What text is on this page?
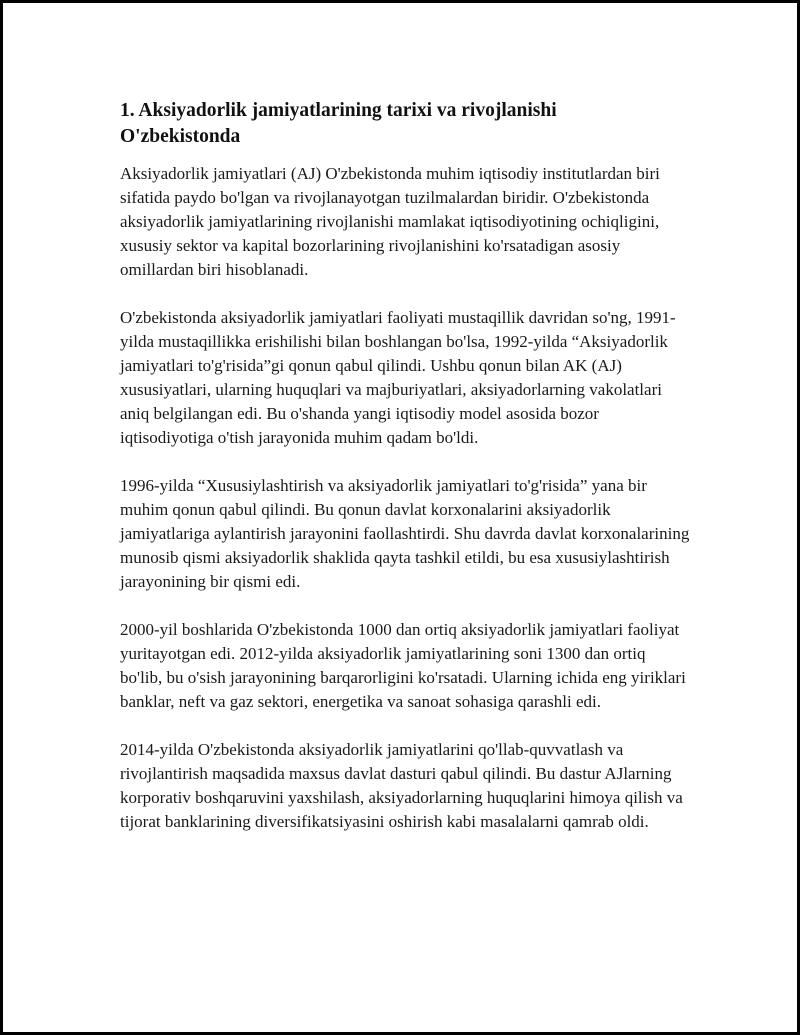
1. Aksiyadorlik jamiyatlarining tarixi va rivojlanishi
O'zbekistonda

Aksiyadorlik jamiyatlari (AJ) O'zbekistonda muhim iqtisodiy institutlardan biri sifatida paydo bo'lgan va rivojlanayotgan tuzilmalardan biridir. O'zbekistonda aksiyadorlik jamiyatlarining rivojlanishi mamlakat iqtisodiyotining ochiqligini, xususiy sektor va kapital bozorlarining rivojlanishini ko'rsatadigan asosiy omillardan biri hisoblanadi.

O'zbekistonda aksiyadorlik jamiyatlari faoliyati mustaqillik davridan so'ng, 1991-yilda mustaqillikka erishilishi bilan boshlangan bo'lsa, 1992-yilda “Aksiyadorlik jamiyatlari to'g'risida”gi qonun qabul qilindi. Ushbu qonun bilan AK (AJ) xususiyatlari, ularning huquqlari va majburiyatlari, aksiyadorlarning vakolatlari aniq belgilangan edi. Bu o'shanda yangi iqtisodiy model asosida bozor iqtisodiyotiga o'tish jarayonida muhim qadam bo'ldi.

1996-yilda “Xususiylashtirish va aksiyadorlik jamiyatlari to'g'risida” yana bir muhim qonun qabul qilindi. Bu qonun davlat korxonalarini aksiyadorlik jamiyatlariga aylantirish jarayonini faollashtirdi. Shu davrda davlat korxonalarining munosib qismi aksiyadorlik shaklida qayta tashkil etildi, bu esa xususiylashtirish jarayonining bir qismi edi.

2000-yil boshlarida O'zbekistonda 1000 dan ortiq aksiyadorlik jamiyatlari faoliyat yuritayotgan edi. 2012-yilda aksiyadorlik jamiyatlarining soni 1300 dan ortiq bo'lib, bu o'sish jarayonining barqarorligini ko'rsatadi. Ularning ichida eng yiriklari banklar, neft va gaz sektori, energetika va sanoat sohasiga qarashli edi.

2014-yilda O'zbekistonda aksiyadorlik jamiyatlarini qo'llab-quvvatlash va rivojlantirish maqsadida maxsus davlat dasturi qabul qilindi. Bu dastur AJlarning korporativ boshqaruvini yaxshilash, aksiyadorlarning huquqlarini himoya qilish va tijorat banklarining diversifikatsiyasini oshirish kabi masalalarni qamrab oldi.
